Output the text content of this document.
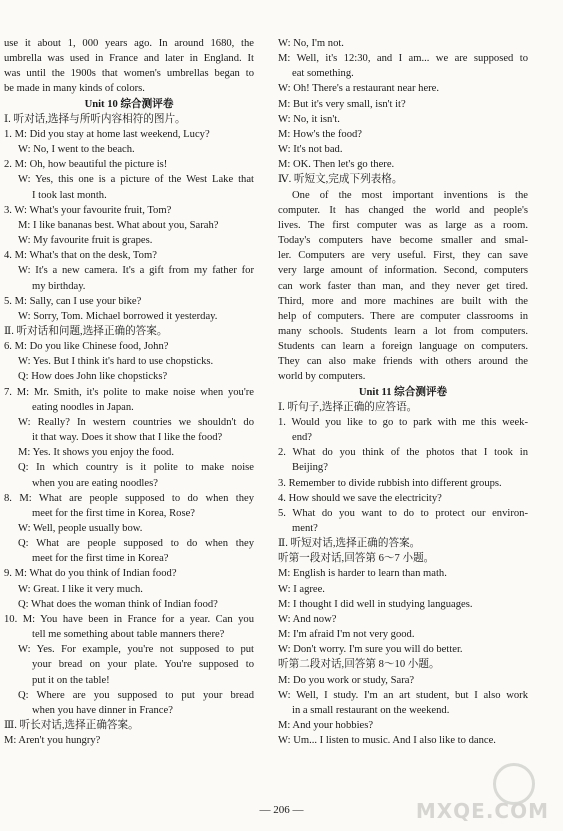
use it about 1, 000 years ago. In around 1680, the
umbrella was used in France and later in England. It
was until the 1900s that women's umbrellas began to
be made in many kinds of colors.
Unit 10 综合测评卷
Ⅰ. 听对话,选择与所听内容相符的图片。
1. M: Did you stay at home last weekend, Lucy?
W: No, I went to the beach.
2. M: Oh, how beautiful the picture is!
W: Yes, this one is a picture of the West Lake that
I took last month.
3. W: What's your favourite fruit, Tom?
M: I like bananas best. What about you, Sarah?
W: My favourite fruit is grapes.
4. M: What's that on the desk, Tom?
W: It's a new camera. It's a gift from my father for
my birthday.
5. M: Sally, can I use your bike?
W: Sorry, Tom. Michael borrowed it yesterday.
Ⅱ. 听对话和问题,选择正确的答案。
6. M: Do you like Chinese food, John?
W: Yes. But I think it's hard to use chopsticks.
Q: How does John like chopsticks?
7. M: Mr. Smith, it's polite to make noise when you're
eating noodles in Japan.
W: Really? In western countries we shouldn't do
it that way. Does it show that I like the food?
M: Yes. It shows you enjoy the food.
Q: In which country is it polite to make noise
when you are eating noodles?
8. M: What are people supposed to do when they
meet for the first time in Korea, Rose?
W: Well, people usually bow.
Q: What are people supposed to do when they
meet for the first time in Korea?
9. M: What do you think of Indian food?
W: Great. I like it very much.
Q: What does the woman think of Indian food?
10. M: You have been in France for a year. Can you
tell me something about table manners there?
W: Yes. For example, you're not supposed to put
your bread on your plate. You're supposed to
put it on the table!
Q: Where are you supposed to put your bread
when you have dinner in France?
Ⅲ. 听长对话,选择正确答案。
M: Aren't you hungry?
W: No, I'm not.
M: Well, it's 12:30, and I am... we are supposed to
eat something.
W: Oh! There's a restaurant near here.
M: But it's very small, isn't it?
W: No, it isn't.
M: How's the food?
W: It's not bad.
M: OK. Then let's go there.
Ⅳ. 听短文,完成下列表格。
One of the most important inventions is the
computer. It has changed the world and people's
lives. The first computer was as large as a room.
Today's computers have become smaller and smal-
ler. Computers are very useful. First, they can save
very large amount of information. Second, computers
can work faster than man, and they never get tired.
Third, more and more machines are built with the
help of computers. There are computer classrooms in
many schools. Students learn a lot from computers.
Students can learn a foreign language on computers.
They can also make friends with others around the
world by computers.
Unit 11 综合测评卷
Ⅰ. 听句子,选择正确的应答语。
1. Would you like to go to park with me this week-
end?
2. What do you think of the photos that I took in
Beijing?
3. Remember to divide rubbish into different groups.
4. How should we save the electricity?
5. What do you want to do to protect our environ-
ment?
Ⅱ. 听短对话,选择正确的答案。
听第一段对话,回答第 6～7 小题。
M: English is harder to learn than math.
W: I agree.
M: I thought I did well in studying languages.
W: And now?
M: I'm afraid I'm not very good.
W: Don't worry. I'm sure you will do better.
听第二段对话,回答第 8～10 小题。
M: Do you work or study, Sara?
W: Well, I study. I'm an art student, but I also work
in a small restaurant on the weekend.
M: And your hobbies?
W: Um... I listen to music. And I also like to dance.
— 206 —	MXQE.COM
